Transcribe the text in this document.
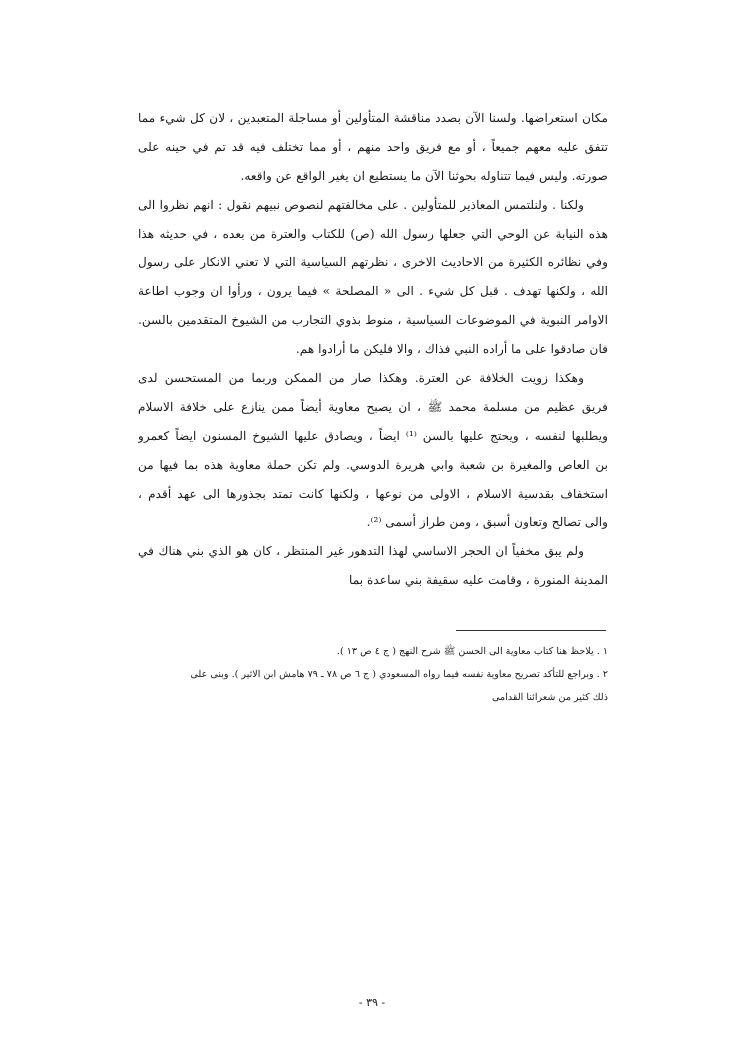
مكان استعراضها. ولسنا الآن بصدد مناقشة المتأولين أو مساجلة المتعبدين ، لان كل شيء مما
تتفق عليه معهم جميعاً ، أو مع فريق واحد منهم ، أو مما تختلف فيه قد تم في حينه على
صورته. وليس فيما تتناوله بحوثنا الآن ما يستطيع ان يغير الواقع عن واقعه.
ولكنا . ولنلتمس المعاذير للمتأولين . على مخالفتهم لنصوص نبيهم نقول : انهم نظروا الى
هذه النيابة عن الوحي التي جعلها رسول الله (ص) للكتاب والعترة من بعده ، في حديثه هذا
وفي نظائره الكثيرة من الاحاديث الاخرى ، نظرتهم السياسية التي لا تعني الانكار على رسول
الله ، ولكنها تهدف . قبل كل شيء . الى « المصلحة » فيما يرون ، ورأوا ان وجوب اطاعة
الاوامر النبوية في الموضوعات السياسية ، منوط بذوي التجارب من الشيوخ المتقدمين بالسن.
فان صادقوا على ما أراده النبي فذاك ، والا فليكن ما أرادوا هم.
وهكذا زويت الخلافة عن العترة. وهكذا صار من الممكن وربما من المستحسن لدى
فريق عظيم من مسلمة محمد ﷺ ، ان يصبح معاوية أيضاً ممن ينازع على خلافة الاسلام
ويطلبها لنفسه ، ويحتج عليها بالسن ⁽¹⁾ ايضاً ، ويصادق عليها الشيوخ المسنون ايضاً كعمرو
بن العاص والمغيرة بن شعبة وابي هريرة الدوسي. ولم تكن حملة معاوية هذه بما فيها من
استخفاف بقدسية الاسلام ، الاولى من نوعها ، ولكنها كانت تمتد بجذورها الى عهد أقدم ،
والى تصالح وتعاون أسبق ، ومن طراز أسمى ⁽²⁾.
ولم يبق مخفياً ان الحجر الاساسي لهذا التدهور غير المنتظر ، كان هو الذي بني هناك في
المدينة المنورة ، وقامت عليه سقيفة بني ساعدة بما
١ . يلاحظ هنا كتاب معاوية الى الحسن ﷺ شرح النهج ( ج ٤ ص ١٣ ).
٢ . وبراجع للتأكد تصريح معاوية نفسه فيما رواه المسعودي ( ج ٦ ص ٧٨ ـ ٧٩ هامش ابن الاثير ). وبنى على
ذلك كثير من شعرائنا القدامى
- ٣٩ -
